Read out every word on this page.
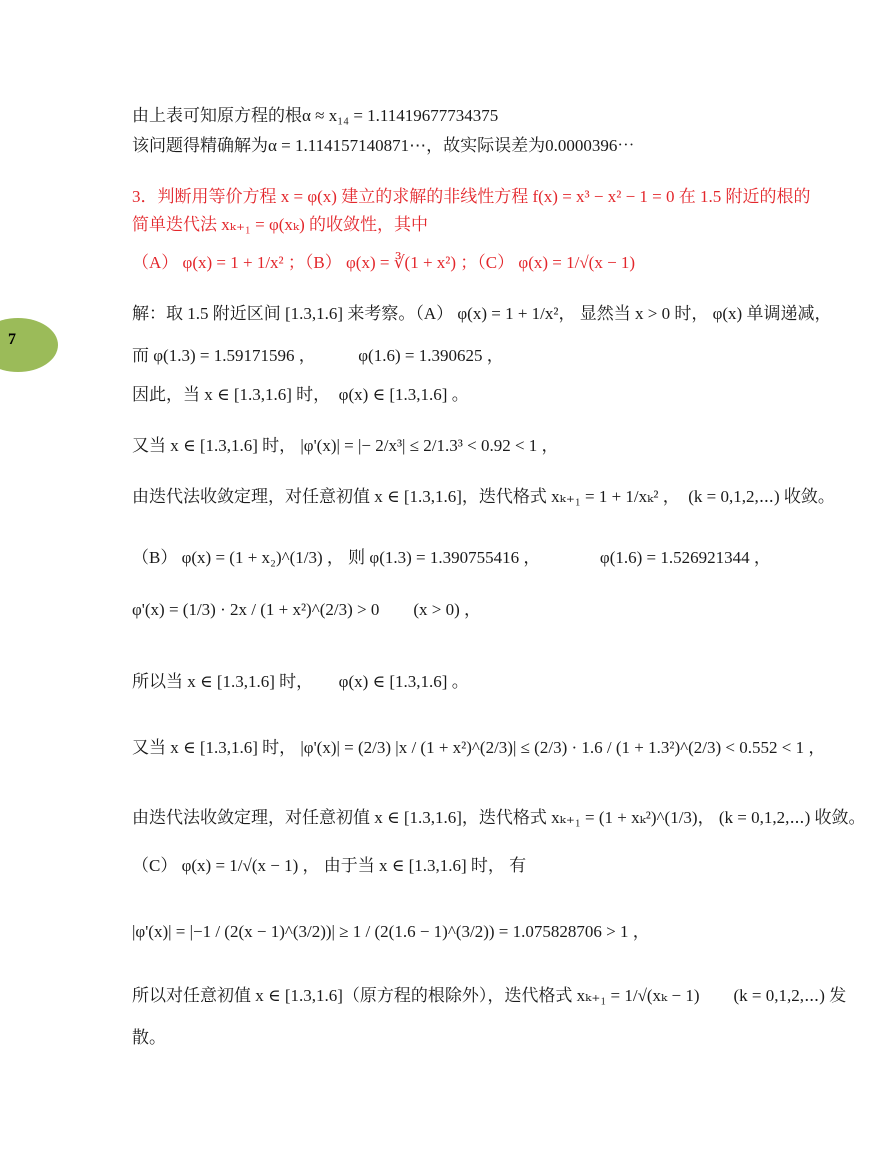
7
由上表可知原方程的根α ≈ x₁₄ = 1.11419677734375
该问题得精确解为α = 1.114157140871⋯，故实际误差为0.0000396⋯
3．判断用等价方程 x = φ(x) 建立的求解的非线性方程 f(x) = x³ − x² − 1 = 0 在 1.5 附近的根的
简单迭代法 xₖ₊₁ = φ(xₖ) 的收敛性，其中
（A） φ(x) = 1 + 1/x² ；（B） φ(x) = ∛(1 + x²) ；（C） φ(x) = 1/√(x − 1)
解：取 1.5 附近区间 [1.3,1.6] 来考察。（A） φ(x) = 1 + 1/x²， 显然当 x > 0 时， φ(x) 单调递减，
而 φ(1.3) = 1.59171596 ，　　　φ(1.6) = 1.390625 ，
因此，当 x ∈ [1.3,1.6] 时，　φ(x) ∈ [1.3,1.6] 。
又当 x ∈ [1.3,1.6] 时， |φ'(x)| = |− 2/x³| ≤ 2/1.3³ < 0.92 < 1 ，
由迭代法收敛定理，对任意初值 x ∈ [1.3,1.6]，迭代格式 xₖ₊₁ = 1 + 1/xₖ² ，　(k = 0,1,2,⋯) 收敛。
（B） φ(x) = (1 + x₂)^(1/3) ， 则 φ(1.3) = 1.390755416 ，　　　　φ(1.6) = 1.526921344 ，
φ'(x) = (1/3) · 2x / (1 + x²)^(2/3) > 0　　(x > 0) ，
所以当 x ∈ [1.3,1.6] 时，　　φ(x) ∈ [1.3,1.6] 。
又当 x ∈ [1.3,1.6] 时， |φ'(x)| = (2/3) |x / (1 + x²)^(2/3)| ≤ (2/3) · 1.6 / (1 + 1.3²)^(2/3) < 0.552 < 1 ，
由迭代法收敛定理，对任意初值 x ∈ [1.3,1.6]，迭代格式 xₖ₊₁ = (1 + xₖ²)^(1/3)， (k = 0,1,2,⋯) 收敛。
（C） φ(x) = 1/√(x − 1) ， 由于当 x ∈ [1.3,1.6] 时， 有
|φ'(x)| = |−1 / (2(x − 1)^(3/2))| ≥ 1 / (2(1.6 − 1)^(3/2)) = 1.075828706 > 1 ，
所以对任意初值 x ∈ [1.3,1.6]（原方程的根除外），迭代格式 xₖ₊₁ = 1/√(xₖ − 1)　　(k = 0,1,2,⋯) 发
散。
